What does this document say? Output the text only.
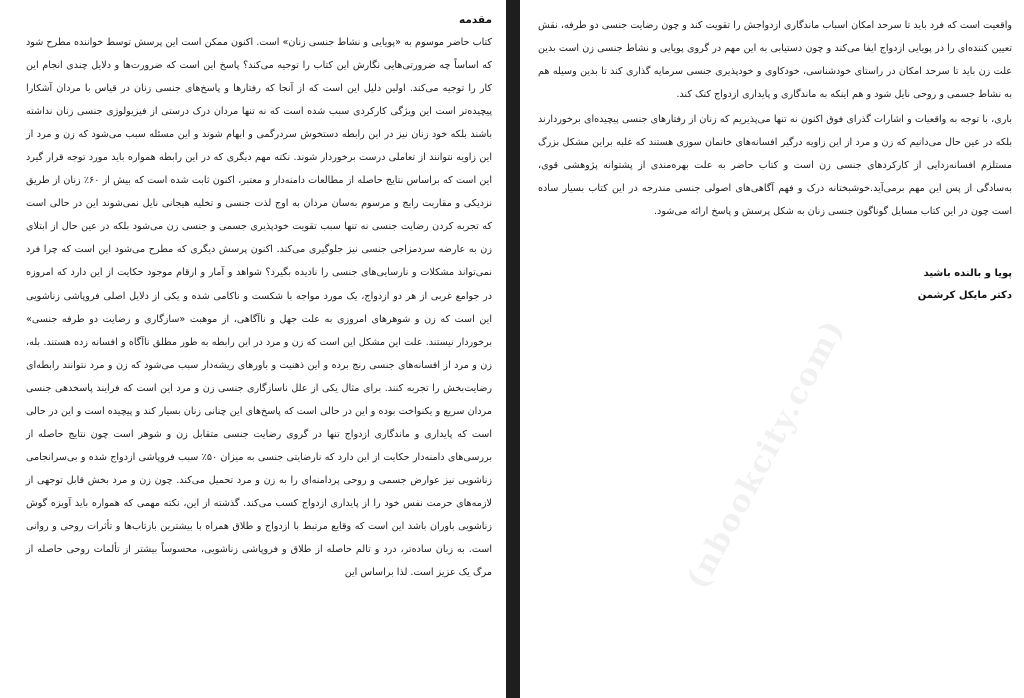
مقدمه

کتاب حاضر موسوم به «پویایی و نشاط جنسی زنان» است. اکنون ممکن است این پرسش توسط خواننده مطرح شود که اساساً چه ضرورتی‌هایی نگارش این کتاب را توجیه می‌کند؟ پاسخ این است که ضرورت‌ها و دلایل چندی انجام این کار را توجیه می‌کند. اولین دلیل این است که از آنجا که رفتارها و پاسخ‌های جنسی زنان در قیاس با مردان آشکارا پیچیده‌تر است این ویژگی کارکردی سبب شده است که نه تنها مردان درک درستی از فیزیولوژی جنسی زنان نداشته باشند بلکه خود زنان نیز در این رابطه دستخوش سردرگمی و ابهام شوند و این مسئله سبب می‌شود که زن و مرد از این زاویه نتوانند از تعاملی درست برخوردار شوند. نکته مهم دیگری که در این رابطه همواره باید مورد توجه قرار گیرد این است که براساس نتایج حاصله از مطالعات دامنه‌دار و معتبر، اکنون ثابت شده است که بیش از ۶۰٪ زنان از طریق نزدیکی و مقاربت رایج و مرسوم به‌سان مردان به اوج لذت جنسی و تخلیه هیجانی نایل نمی‌شوند این در حالی است که تجربه کردن رضایت جنسی نه تنها سبب تقویت خودپذیری جسمی و جنسی زن می‌شود بلکه در عین حال از ابتلای زن به عارضه سردمزاجی جنسی نیز جلوگیری می‌کند. اکنون پرسش دیگری که مطرح می‌شود این است که چرا فرد نمی‌تواند مشکلات و نارسایی‌های جنسی را نادیده بگیرد؟ شواهد و آمار و ارقام موجود حکایت از این دارد که امروزه در جوامع غربی از هر دو ازدواج، یک مورد مواجه با شکست و ناکامی شده و یکی از دلایل اصلی فروپاشی زناشویی این است که زن و شوهرهای امروزی به علت جهل و ناآگاهی، از موهبت «سازگاری و رضایت دو طرفه جنسی» برخوردار نیستند. علت این مشکل این است که زن و مرد در این رابطه به طور مطلق ناآگاه و افسانه زده هستند. بله، زن و مرد از افسانه‌های جنسی رنج برده و این ذهنیت و باورهای ریشه‌دار سبب می‌شود که زن و مرد نتوانند رابطه‌ای رضایت‌بخش را تجربه کنند. برای مثال یکی از علل ناسازگاری جنسی زن و مرد این است که فرایند پاسخدهی جنسی مردان سریع و یکنواخت بوده و این در حالی است که پاسخ‌های این چنانی زنان بسیار کند و پیچیده است و این در حالی است که پایداری و ماندگاری ازدواج تنها در گروی رضایت جنسی متقابل زن و شوهر است چون نتایج حاصله از بررسی‌های دامنه‌دار حکایت از این دارد که نارضایتی جنسی به میزان ۵۰٪ سبب فروپاشی ازدواج شده و بی‌سرانجامی زناشویی نیز عوارض جسمی و روحی پردامنه‌ای را به زن و مرد تحمیل می‌کند. چون زن و مرد بخش قابل توجهی از لازمه‌های حرمت نفس خود را از پایداری ازدواج کسب می‌کند. گذشته از این، نکته مهمی که همواره باید آویزه گوش زناشویی باوران باشد این است که وقایع مرتبط با ازدواج و طلاق همراه با بیشترین بازتاب‌ها و تأثرات روحی و روانی است. به زبان ساده‌تر، درد و تالم حاصله از طلاق و فروپاشی زناشویی، محسوساً بیشتر از تألمات روحی حاصله از مرگ یک عزیز است. لذا براساس این

واقعیت است که فرد باید تا سرحد امکان اسباب ماندگاری ازدواجش را تقویت کند و چون رضایت جنسی دو طرفه، نقش تعیین کننده‌ای را در پویایی ازدواج ایفا می‌کند و چون دستیابی به این مهم در گروی پویایی و نشاط جنسی زن است بدین علت زن باید تا سرحد امکان در راستای خودشناسی، خودکاوی و خودپذیری جنسی سرمایه گذاری کند تا بدین وسیله هم به نشاط جسمی و روحی نایل شود و هم اینکه به ماندگاری و پایداری ازدواج کنک کند.

باری، با توجه به واقعیات و اشارات گذرای فوق اکنون نه تنها می‌پذیریم که زنان از رفتارهای جنسی پیچیده‌ای برخوردارند بلکه در عین حال می‌دانیم که زن و مرد از این زاویه درگیر افسانه‌های خانمان سوزی هستند که غلبه براین مشکل بزرگ مستلزم افسانه‌زدایی از کارکردهای جنسی زن است و کتاب حاضر به علت بهره‌مندی از پشتوانه پژوهشی قوی، به‌سادگی از پس این مهم برمی‌آید.خوشبختانه درک و فهم آگاهی‌های اصولی جنسی مندرجه در این کتاب بسیار ساده است چون در این کتاب مسایل گوناگون جنسی زنان به شکل پرسش و پاسخ ارائه می‌شود.

پویا و بالنده باشید
دکتر مایکل کرشمن
